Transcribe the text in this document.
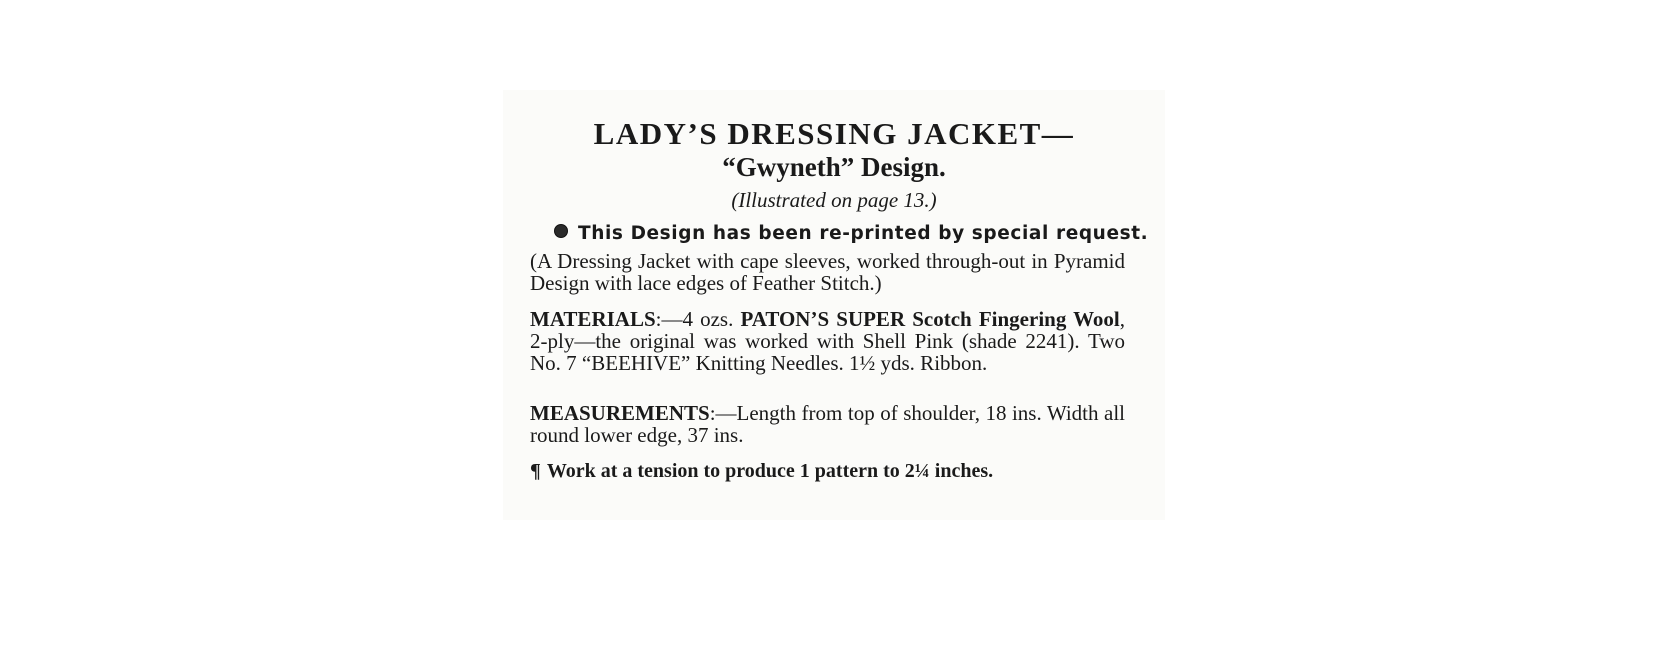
LADY’S DRESSING JACKET—
“Gwyneth” Design.
(Illustrated on page 13.)
This Design has been re-printed by special request.
(A Dressing Jacket with cape sleeves, worked through-out in Pyramid Design with lace edges of Feather Stitch.)
MATERIALS:—4 ozs. PATON’S SUPER Scotch Fingering Wool, 2-ply—the original was worked with Shell Pink (shade 2241). Two No. 7 “BEEHIVE” Knitting Needles. 1½ yds. Ribbon.
MEASUREMENTS:—Length from top of shoulder, 18 ins. Width all round lower edge, 37 ins.
¶ Work at a tension to produce 1 pattern to 2¼ inches.
